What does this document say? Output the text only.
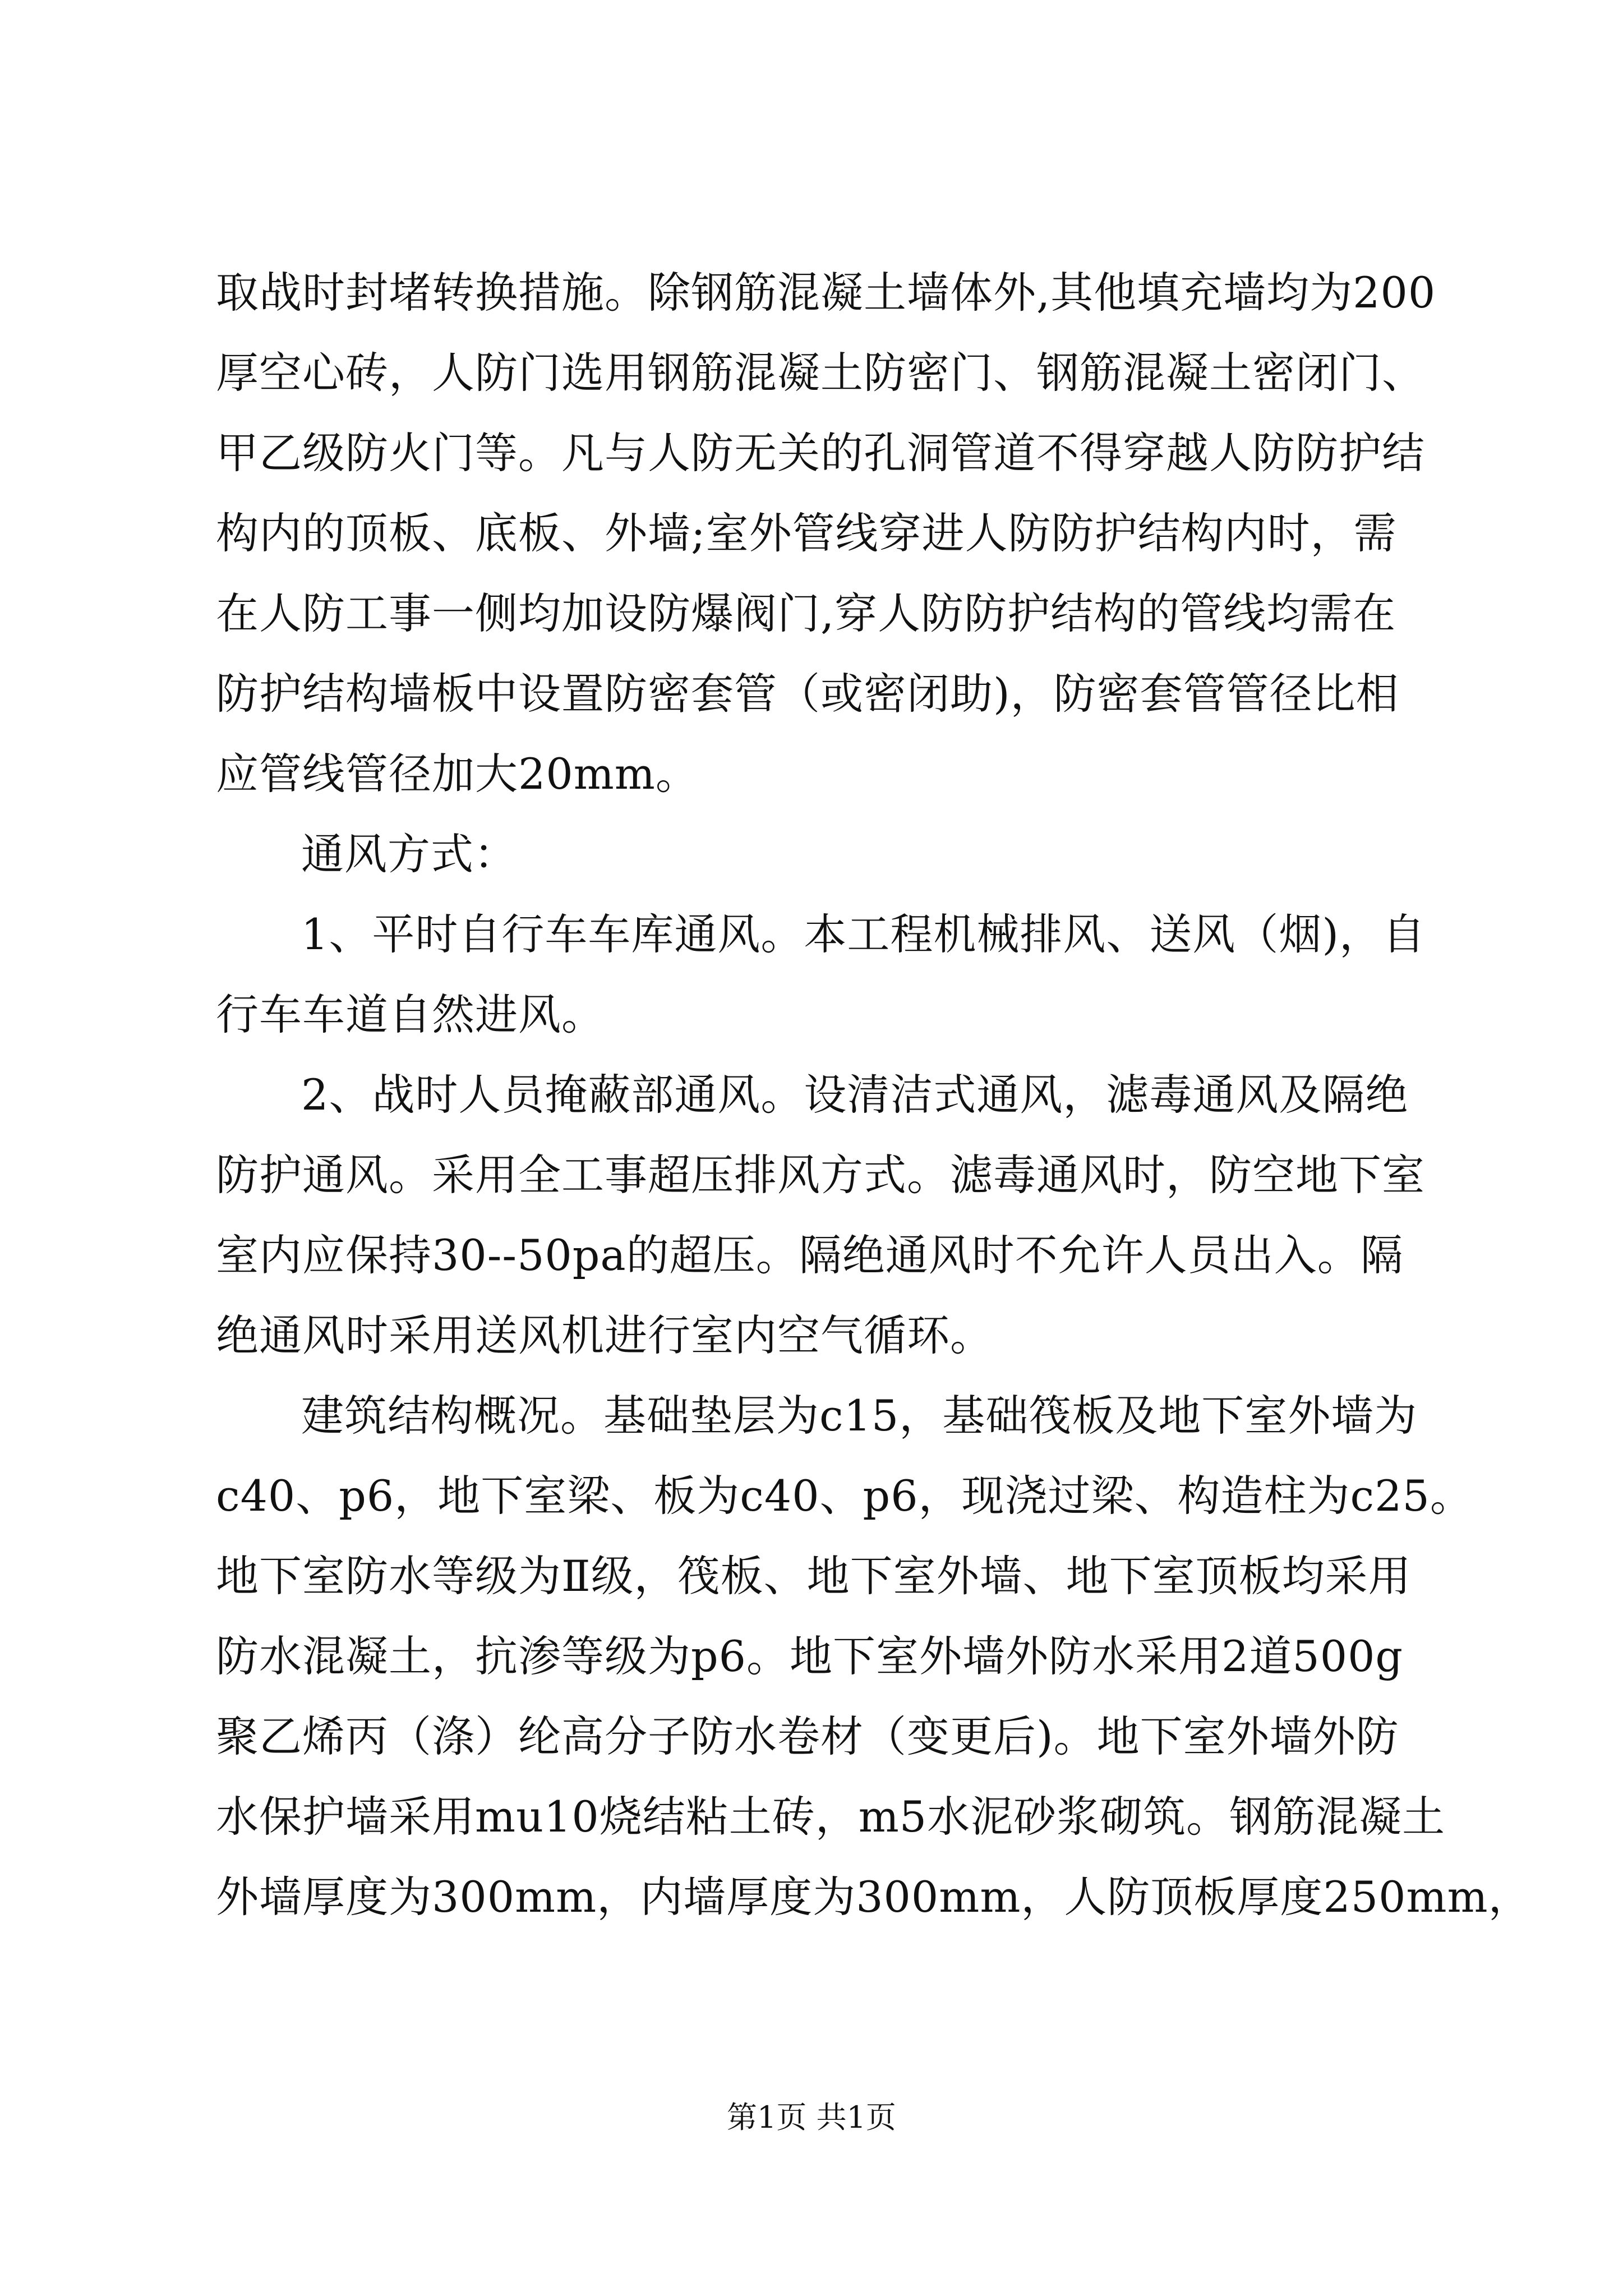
取战时封堵转换措施。除钢筋混凝土墙体外,其他填充墙均为200
厚空心砖，人防门选用钢筋混凝土防密门、钢筋混凝土密闭门、
甲乙级防火门等。凡与人防无关的孔洞管道不得穿越人防防护结
构内的顶板、底板、外墙;室外管线穿进人防防护结构内时，需
在人防工事一侧均加设防爆阀门,穿人防防护结构的管线均需在
防护结构墙板中设置防密套管（或密闭助)，防密套管管径比相
应管线管径加大20mm。
通风方式：
1、平时自行车车库通风。本工程机械排风、送风（烟)，自
行车车道自然进风。
2、战时人员掩蔽部通风。设清洁式通风，滤毒通风及隔绝
防护通风。采用全工事超压排风方式。滤毒通风时，防空地下室
室内应保持30--50pa的超压。隔绝通风时不允许人员出入。隔
绝通风时采用送风机进行室内空气循环。
建筑结构概况。基础垫层为c15，基础筏板及地下室外墙为
c40、p6，地下室梁、板为c40、p6，现浇过梁、构造柱为c25。
地下室防水等级为Ⅱ级，筏板、地下室外墙、地下室顶板均采用
防水混凝土，抗渗等级为p6。地下室外墙外防水采用2道500g
聚乙烯丙（涤）纶高分子防水卷材（变更后)。地下室外墙外防
水保护墙采用mu10烧结粘土砖，m5水泥砂浆砌筑。钢筋混凝土
外墙厚度为300mm，内墙厚度为300mm，人防顶板厚度250mm，
第1页 共1页
